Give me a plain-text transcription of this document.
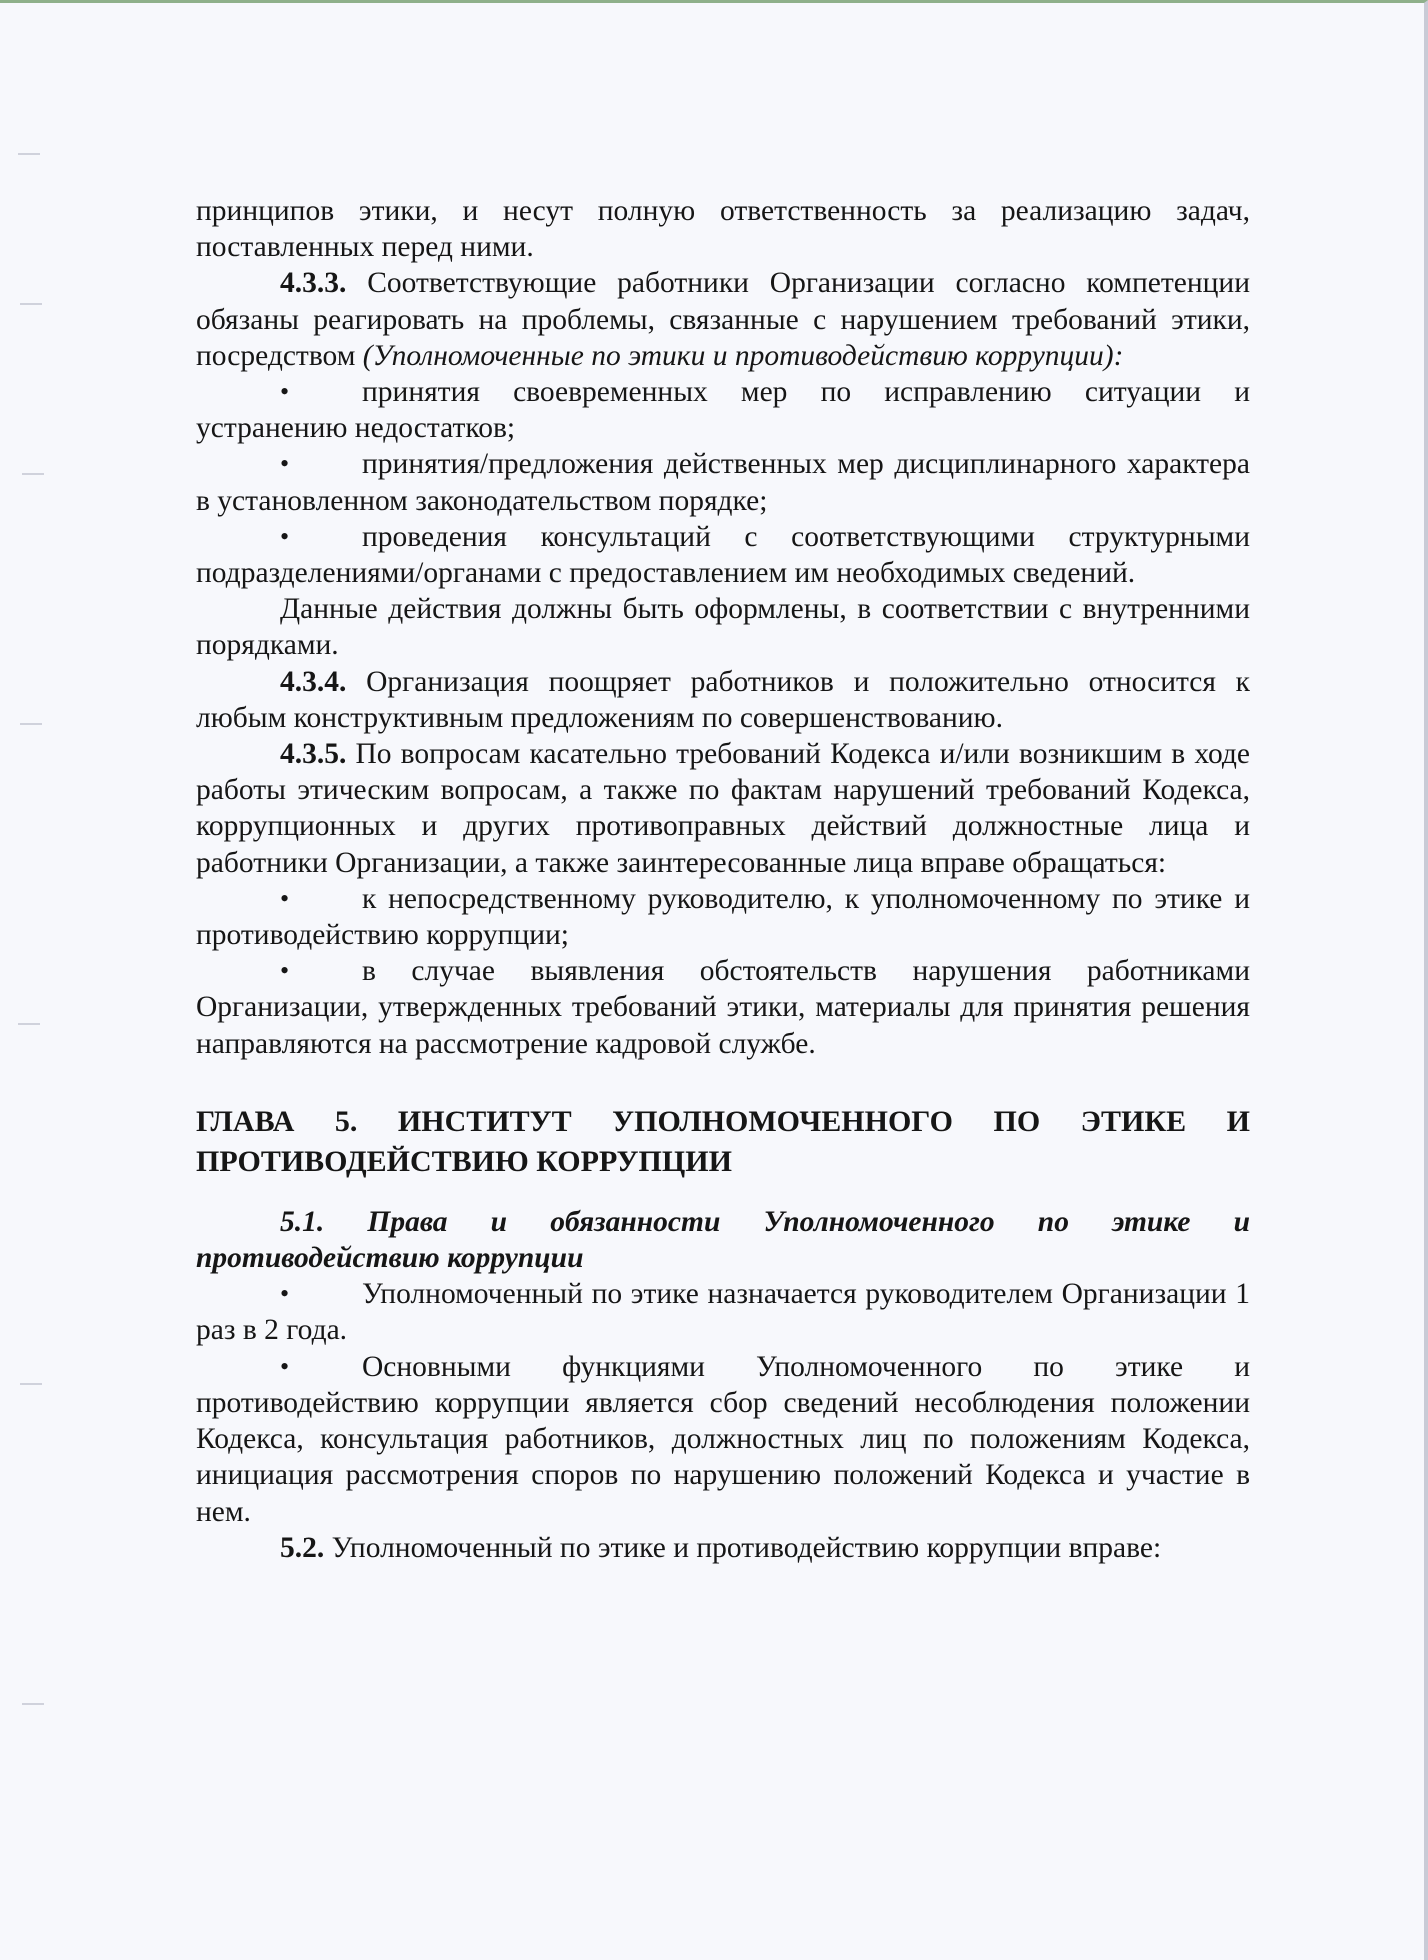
принципов этики, и несут полную ответственность за реализацию задач, поставленных перед ними.

4.3.3. Соответствующие работники Организации согласно компетенции обязаны реагировать на проблемы, связанные с нарушением требований этики, посредством (Уполномоченные по этики и противодействию коррупции):

• принятия своевременных мер по исправлению ситуации и устранению недостатков;

• принятия/предложения действенных мер дисциплинарного характера в установленном законодательством порядке;

• проведения консультаций с соответствующими структурными подразделениями/органами с предоставлением им необходимых сведений.

Данные действия должны быть оформлены, в соответствии с внутренними порядками.

4.3.4. Организация поощряет работников и положительно относится к любым конструктивным предложениям по совершенствованию.

4.3.5. По вопросам касательно требований Кодекса и/или возникшим в ходе работы этическим вопросам, а также по фактам нарушений требований Кодекса, коррупционных и других противоправных действий должностные лица и работники Организации, а также заинтересованные лица вправе обращаться:

• к непосредственному руководителю, к уполномоченному по этике и противодействию коррупции;

• в случае выявления обстоятельств нарушения работниками Организации, утвержденных требований этики, материалы для принятия решения направляются на рассмотрение кадровой службе.

ГЛАВА 5. ИНСТИТУТ УПОЛНОМОЧЕННОГО ПО ЭТИКЕ И ПРОТИВОДЕЙСТВИЮ КОРРУПЦИИ

5.1. Права и обязанности Уполномоченного по этике и противодействию коррупции

• Уполномоченный по этике назначается руководителем Организации 1 раз в 2 года.

• Основными функциями Уполномоченного по этике и противодействию коррупции является сбор сведений несоблюдения положении Кодекса, консультация работников, должностных лиц по положениям Кодекса, инициация рассмотрения споров по нарушению положений Кодекса и участие в нем.

5.2. Уполномоченный по этике и противодействию коррупции вправе:
